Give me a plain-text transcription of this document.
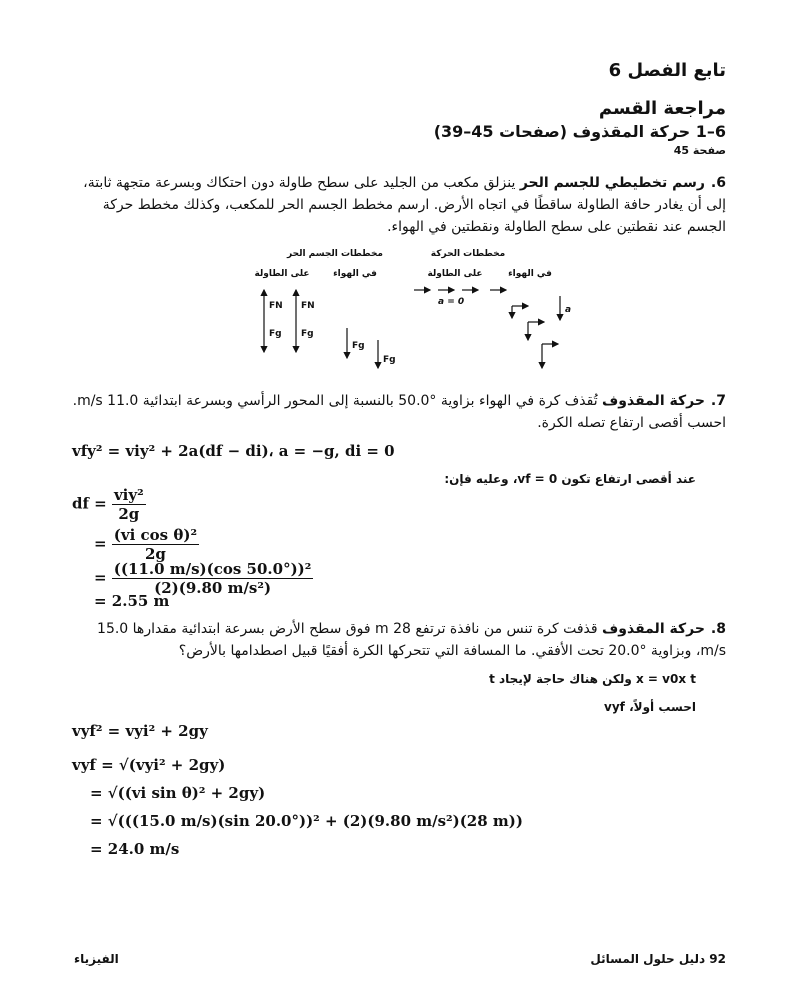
تابع الفصل 6
مراجعة القسم
6–1 حركة المقذوف (صفحات 45–39)
صفحة 45
6.رسم تخطيطي للجسم الحر ينزلق مكعب من الجليد على سطح طاولة دون احتكاك وبسرعة متجهة ثابتة، إلى أن يغادر حافة الطاولة ساقطًا في اتجاه الأرض. ارسم مخطط الجسم الحر للمكعب، وكذلك مخطط حركة الجسم عند نقطتين على سطح الطاولة ونقطتين في الهواء.
مخططات الجسم الحر	مخططات الحركة
على الطاولة	في الهواء	على الطاولة	في الهواء
FN
Fg
FN
Fg
Fg
Fg
a = 0
a
7.حركة المقذوف تُقذف كرة في الهواء بزاوية °50.0 بالنسبة إلى المحور الرأسي وبسرعة ابتدائية 11.0 m/s. احسب أقصى ارتفاع تصله الكرة.
vfy² = viy² + 2a(df − di)، a = −g, di = 0
عند أقصى ارتفاع تكون vf = 0، وعليه فإن:
df = $\frac{\text{viy²}}{2g}$
= $\frac{\text{(vi cos θ)²}}{2g}$
= $\frac{\text{((11.0 m/s)(cos 50.0°))²}}{\text{(2)(9.80 m/s²)}}$
= 2.55 m
8.حركة المقذوف قذفت كرة تنس من نافذة ترتفع 28 m فوق سطح الأرض بسرعة ابتدائية مقدارها 15.0 m/s، وبزاوية °20.0 تحت الأفقي. ما المسافة التي تتحركها الكرة أفقيًا قبيل اصطدامها بالأرض؟
x = v0x t ولكن هناك حاجة لإيجاد t
احسب أولاً، vyf
vyf² = vyi² + 2gy
vyf = √(vyi² + 2gy)
= √((vi sin θ)² + 2gy)
= √(((15.0 m/s)(sin 20.0°))² + (2)(9.80 m/s²)(28 m))
= 24.0 m/s
الفيزياء	92 دليل حلول المسائل
